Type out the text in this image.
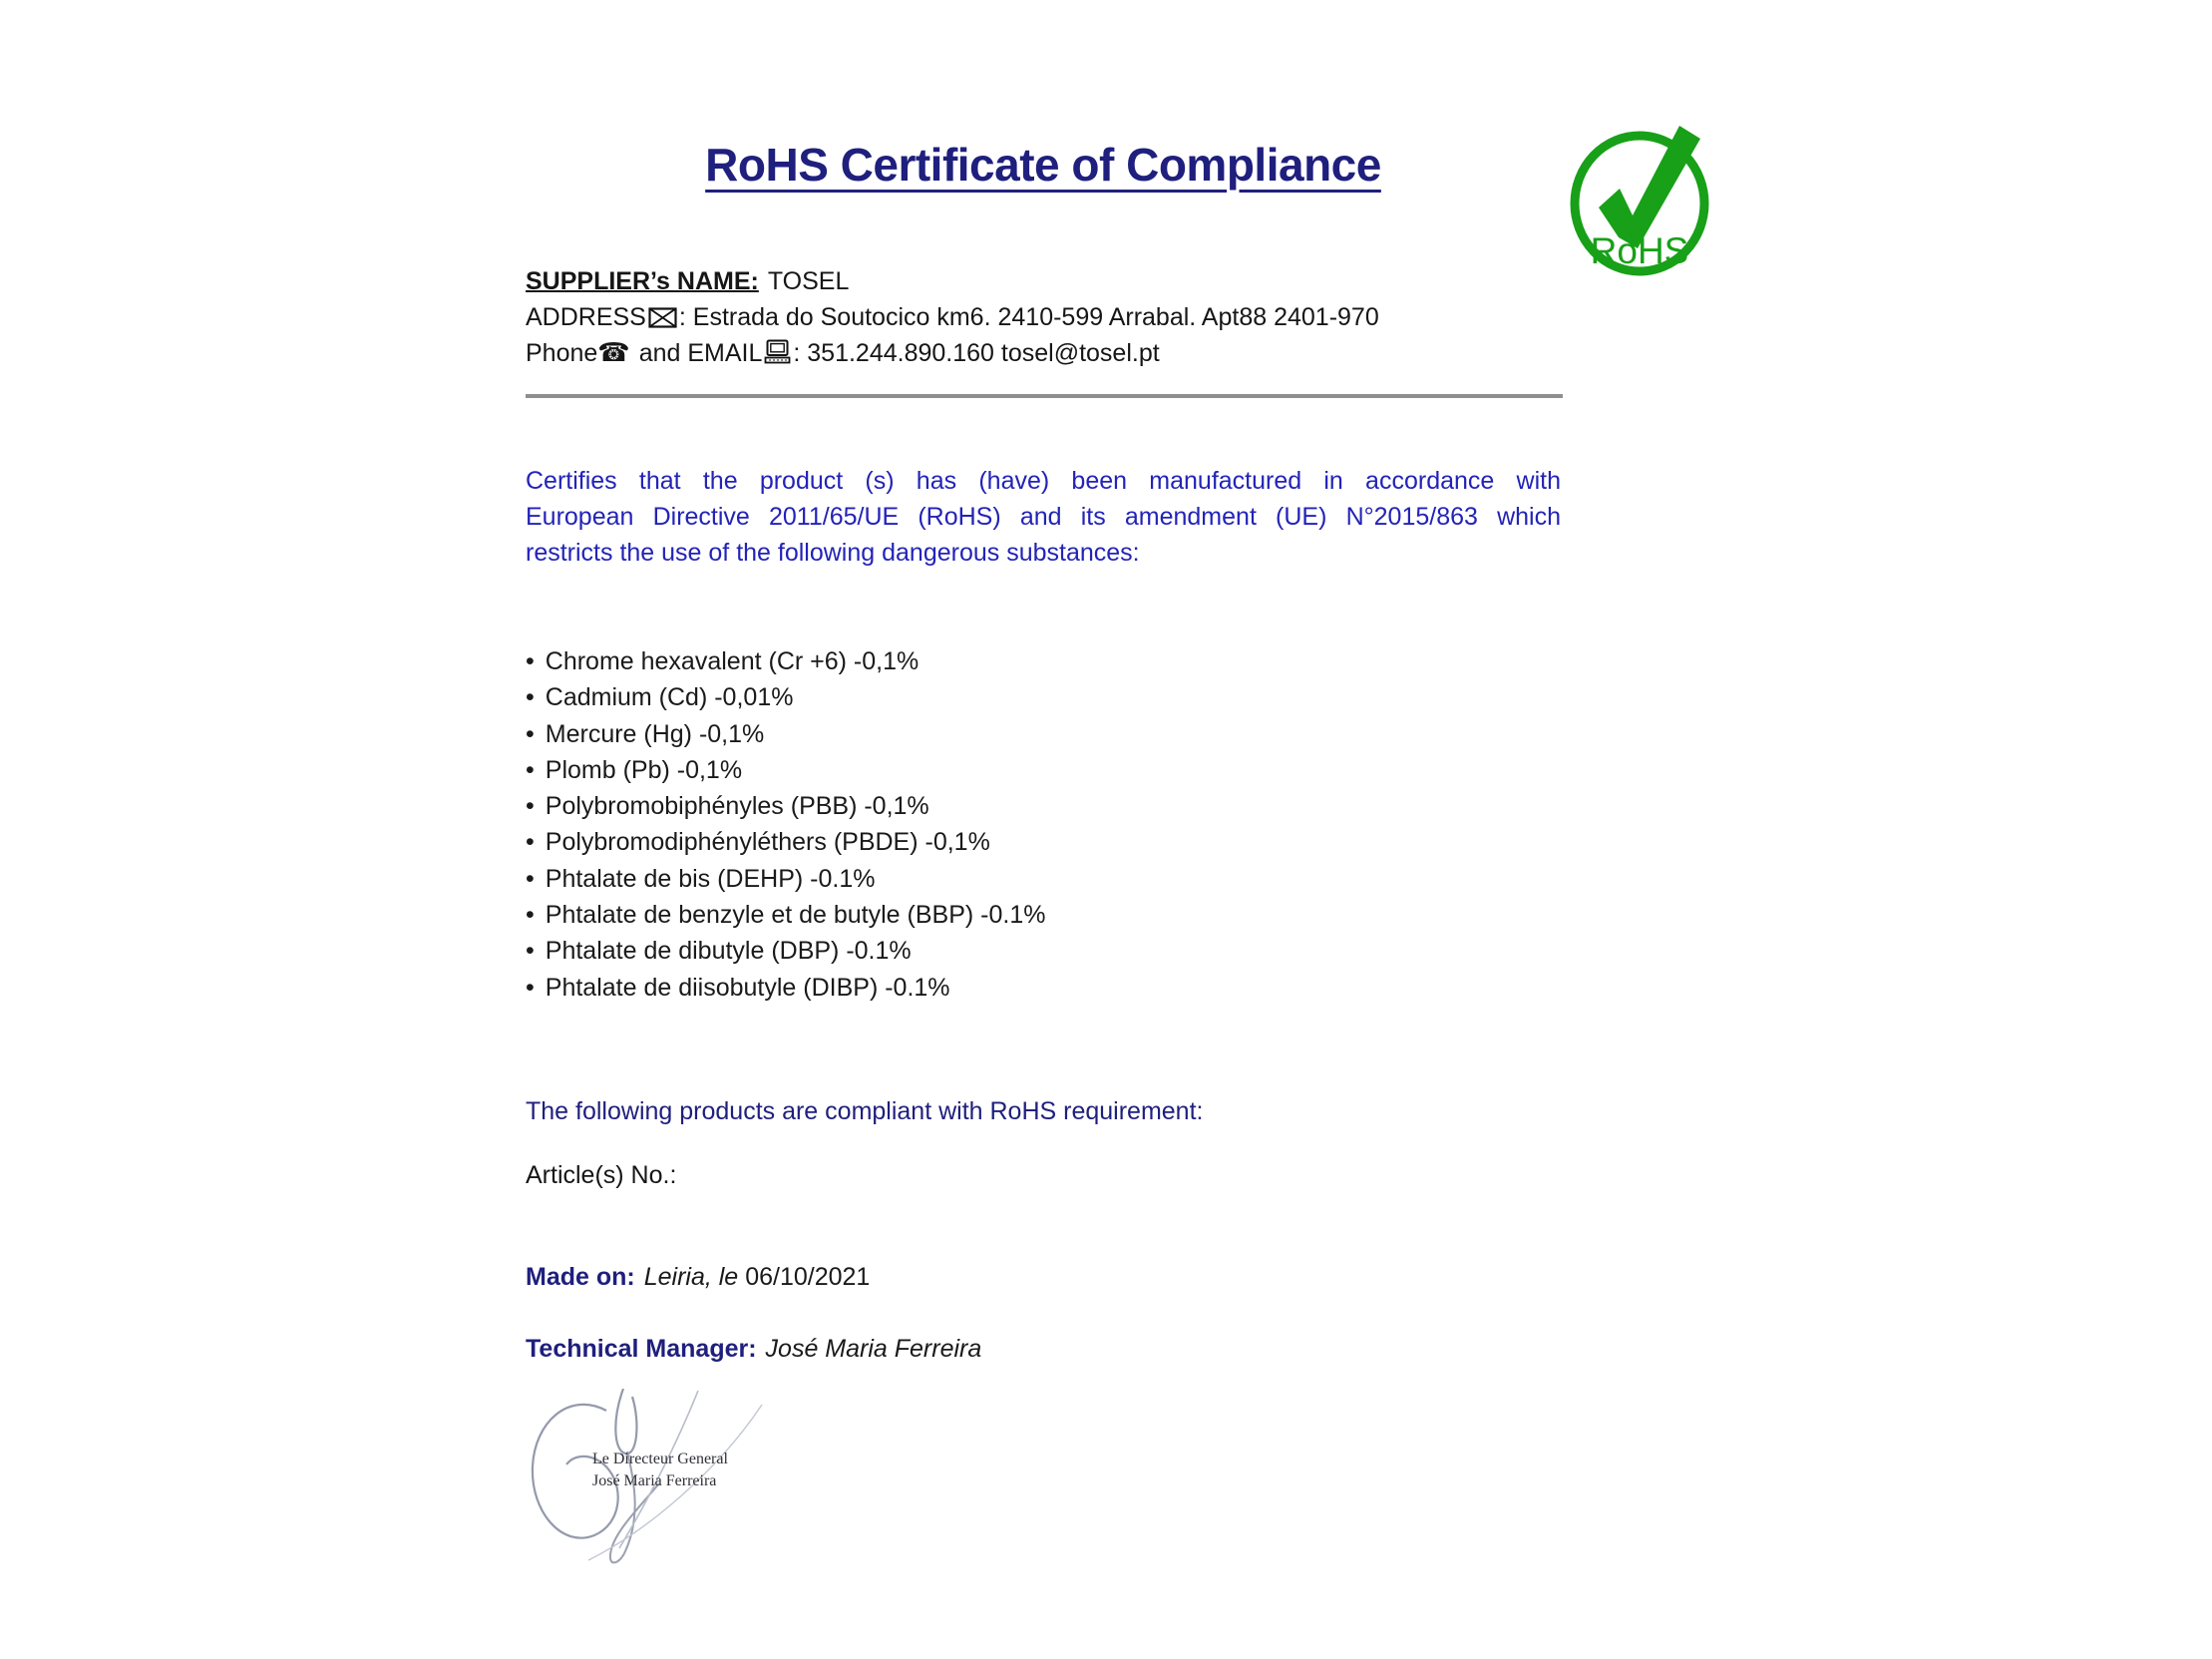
RoHS Certificate of Compliance
RoHS
SUPPLIER’s NAME: TOSEL
ADDRESS : Estrada do Soutocico km6. 2410-599 Arrabal. Apt88 2401-970
Phone☎ and EMAIL : 351.244.890.160 tosel@tosel.pt
Certifies that the product (s) has (have) been manufactured in accordance with
European Directive 2011/65/UE (RoHS) and its amendment (UE) N°2015/863 which
restricts the use of the following dangerous substances:
• Chrome hexavalent (Cr +6) -0,1%
• Cadmium (Cd) -0,01%
• Mercure (Hg) -0,1%
• Plomb (Pb) -0,1%
• Polybromobiphényles (PBB) -0,1%
• Polybromodiphényléthers (PBDE) -0,1%
• Phtalate de bis (DEHP) -0.1%
• Phtalate de benzyle et de butyle (BBP) -0.1%
• Phtalate de dibutyle (DBP) -0.1%
• Phtalate de diisobutyle (DIBP) -0.1%
The following products are compliant with RoHS requirement:
Article(s) No.:
Made on: Leiria, le 06/10/2021
Technical Manager: José Maria Ferreira
Le Directeur General
José Maria Ferreira
